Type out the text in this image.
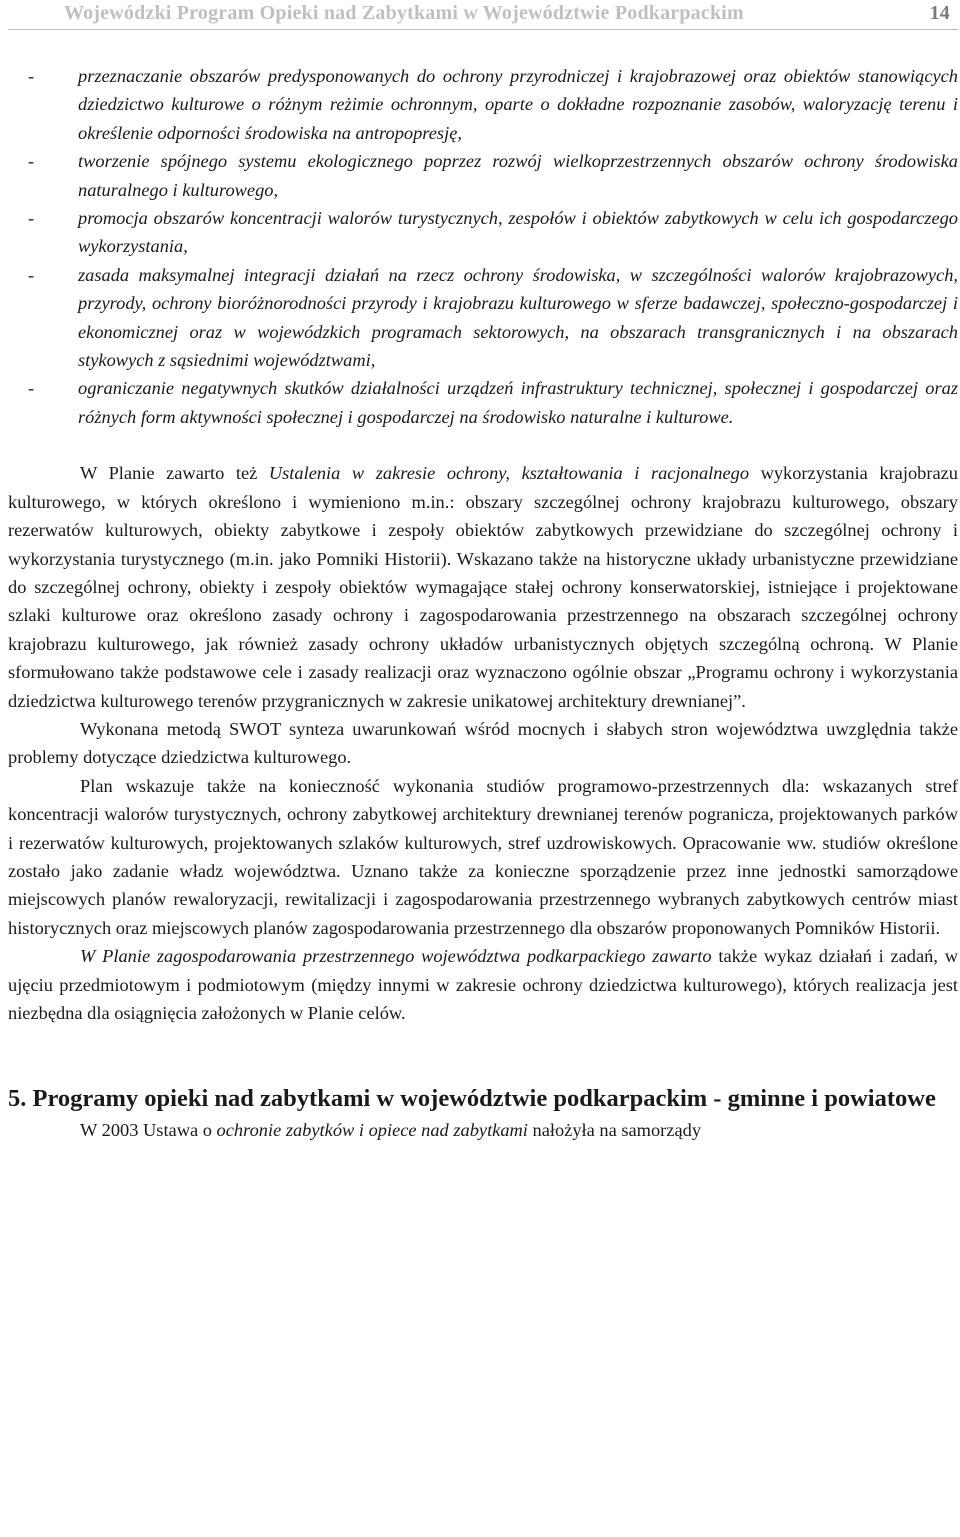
Wojewódzki Program Opieki nad Zabytkami w Województwie Podkarpackim	14
- przeznaczanie obszarów predysponowanych do ochrony przyrodniczej i krajobrazowej oraz obiektów stanowiących dziedzictwo kulturowe o różnym reżimie ochronnym, oparte o dokładne rozpoznanie zasobów, waloryzację terenu i określenie odporności środowiska na antropopresję,
- tworzenie spójnego systemu ekologicznego poprzez rozwój wielkoprzestrzennych obszarów ochrony środowiska naturalnego i kulturowego,
- promocja obszarów koncentracji walorów turystycznych, zespołów i obiektów zabytkowych w celu ich gospodarczego wykorzystania,
- zasada maksymalnej integracji działań na rzecz ochrony środowiska, w szczególności walorów krajobrazowych, przyrody, ochrony bioróżnorodności przyrody i krajobrazu kulturowego w sferze badawczej, społeczno-gospodarczej i ekonomicznej oraz w wojewódzkich programach sektorowych, na obszarach transgranicznych i na obszarach stykowych z sąsiednimi województwami,
- ograniczanie negatywnych skutków działalności urządzeń infrastruktury technicznej, społecznej i gospodarczej oraz różnych form aktywności społecznej i gospodarczej na środowisko naturalne i kulturowe.

W Planie zawarto też Ustalenia w zakresie ochrony, kształtowania i racjonalnego wykorzystania krajobrazu kulturowego, w których określono i wymieniono m.in.: obszary szczególnej ochrony krajobrazu kulturowego, obszary rezerwatów kulturowych, obiekty zabytkowe i zespoły obiektów zabytkowych przewidziane do szczególnej ochrony i wykorzystania turystycznego (m.in. jako Pomniki Historii). Wskazano także na historyczne układy urbanistyczne przewidziane do szczególnej ochrony, obiekty i zespoły obiektów wymagające stałej ochrony konserwatorskiej, istniejące i projektowane szlaki kulturowe oraz określono zasady ochrony i zagospodarowania przestrzennego na obszarach szczególnej ochrony krajobrazu kulturowego, jak również zasady ochrony układów urbanistycznych objętych szczególną ochroną. W Planie sformułowano także podstawowe cele i zasady realizacji oraz wyznaczono ogólnie obszar „Programu ochrony i wykorzystania dziedzictwa kulturowego terenów przygranicznych w zakresie unikatowej architektury drewnianej”.

Wykonana metodą SWOT synteza uwarunkowań wśród mocnych i słabych stron województwa uwzględnia także problemy dotyczące dziedzictwa kulturowego.

Plan wskazuje także na konieczność wykonania studiów programowo-przestrzennych dla: wskazanych stref koncentracji walorów turystycznych, ochrony zabytkowej architektury drewnianej terenów pogranicza, projektowanych parków i rezerwatów kulturowych, projektowanych szlaków kulturowych, stref uzdrowiskowych. Opracowanie ww. studiów określone zostało jako zadanie władz województwa. Uznano także za konieczne sporządzenie przez inne jednostki samorządowe miejscowych planów rewaloryzacji, rewitalizacji i zagospodarowania przestrzennego wybranych zabytkowych centrów miast historycznych oraz miejscowych planów zagospodarowania przestrzennego dla obszarów proponowanych Pomników Historii.

W Planie zagospodarowania przestrzennego województwa podkarpackiego zawarto także wykaz działań i zadań, w ujęciu przedmiotowym i podmiotowym (między innymi w zakresie ochrony dziedzictwa kulturowego), których realizacja jest niezbędna dla osiągnięcia założonych w Planie celów.

5. Programy opieki nad zabytkami w województwie podkarpackim - gminne i powiatowe

W 2003 Ustawa o ochronie zabytków i opiece nad zabytkami nałożyła na samorządy
